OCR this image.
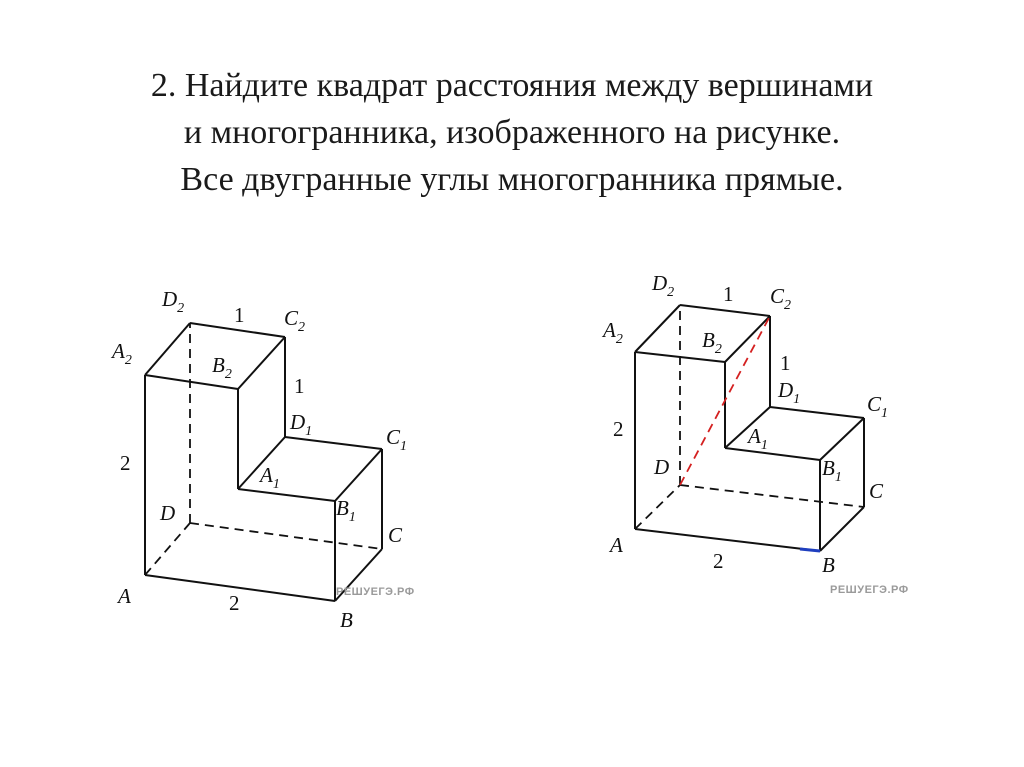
2. Найдите квадрат расстояния между вершинами
и многогранника, изображенного на рисунке.
Все двугранные углы многогранника прямые.
A
B
C
D
$A_1$
$B_1$
$C_1$
$D_1$
$A_2$	$B_2$
$C_2$
$D_2$ 1
1
2
2	РЕШУЕГЭ.РФ
A
B
C
D
$A_1$
$B_1$
$C_1$
$D_1$
$A_2$	$B_2$
$C_2$
$D_2$ 1
1
2
2
РЕШУЕГЭ.РФ
